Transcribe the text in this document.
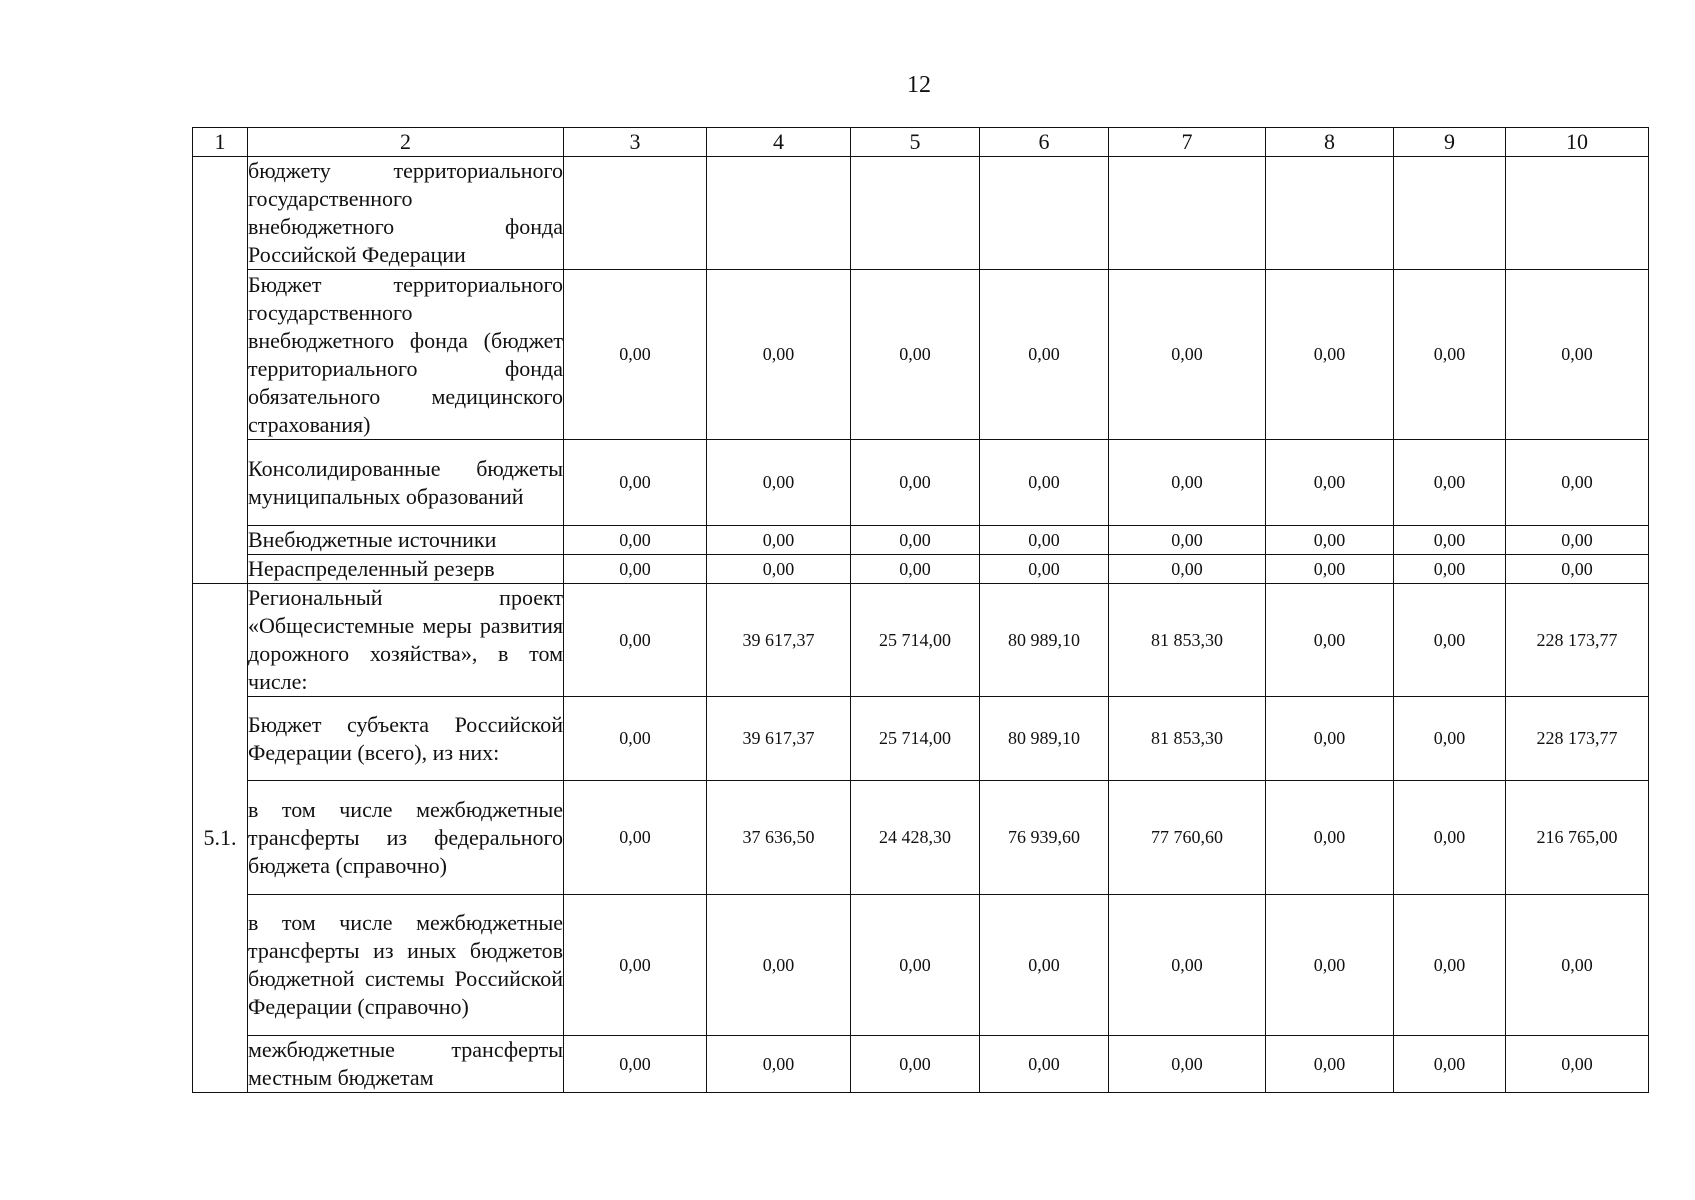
12
1	2	3	4	5	6	7	8	9	10
	бюджету территориального государственного внебюджетного фонда Российской Федерации								
	Бюджет территориального государственного внебюджетного фонда (бюджет территориального фонда обязательного медицинского страхования)	0,00	0,00	0,00	0,00	0,00	0,00	0,00	0,00
	Консолидированные бюджеты муниципальных образований	0,00	0,00	0,00	0,00	0,00	0,00	0,00	0,00
	Внебюджетные источники	0,00	0,00	0,00	0,00	0,00	0,00	0,00	0,00
	Нераспределенный резерв	0,00	0,00	0,00	0,00	0,00	0,00	0,00	0,00
5.1.	Региональный проект «Общесистемные меры развития дорожного хозяйства», в том числе:	0,00	39 617,37	25 714,00	80 989,10	81 853,30	0,00	0,00	228 173,77
	Бюджет субъекта Российской Федерации (всего), из них:	0,00	39 617,37	25 714,00	80 989,10	81 853,30	0,00	0,00	228 173,77
	в том числе межбюджетные трансферты из федерального бюджета (справочно)	0,00	37 636,50	24 428,30	76 939,60	77 760,60	0,00	0,00	216 765,00
	в том числе межбюджетные трансферты из иных бюджетов бюджетной системы Российской Федерации (справочно)	0,00	0,00	0,00	0,00	0,00	0,00	0,00	0,00
	межбюджетные трансферты местным бюджетам	0,00	0,00	0,00	0,00	0,00	0,00	0,00	0,00
